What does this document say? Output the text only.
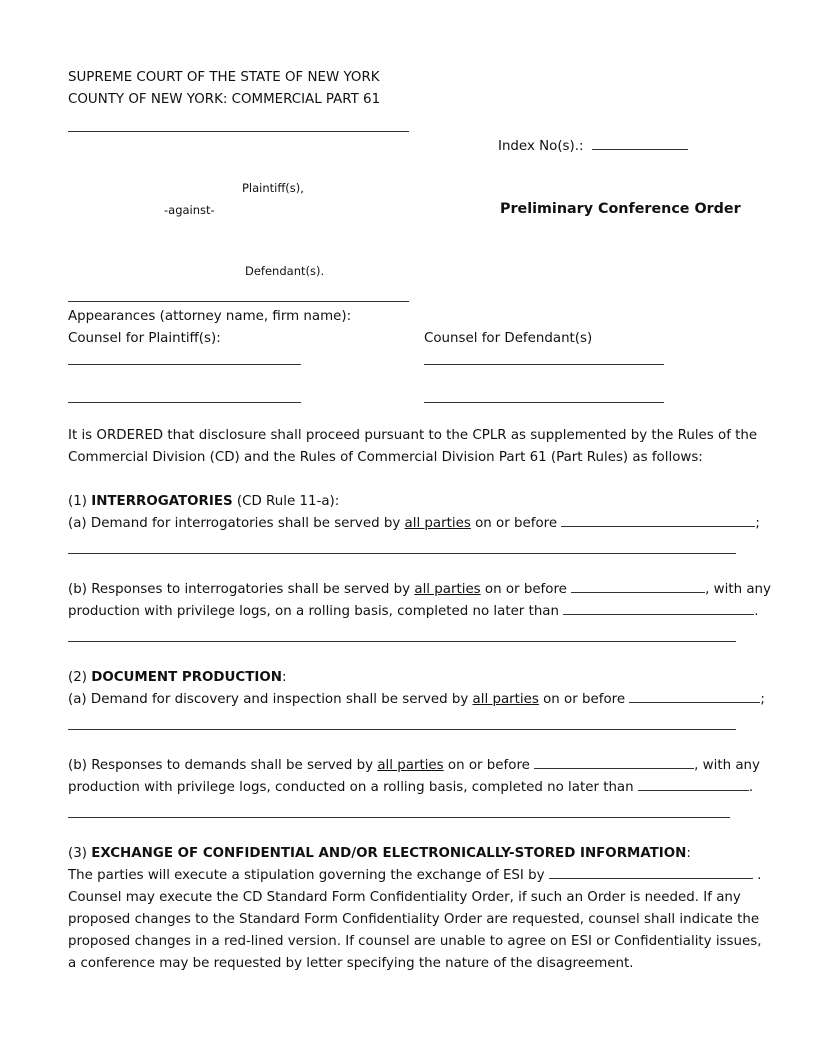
SUPREME COURT OF THE STATE OF NEW YORK
COUNTY OF NEW YORK: COMMERCIAL PART 61
Index No(s).:
Plaintiff(s),
-against-	Preliminary Conference Order
Defendant(s).
Appearances (attorney name, firm name):
Counsel for Plaintiff(s):	Counsel for Defendant(s)
It is ORDERED that disclosure shall proceed pursuant to the CPLR as supplemented by the Rules of the
Commercial Division (CD) and the Rules of Commercial Division Part 61 (Part Rules) as follows:
(1) INTERROGATORIES (CD Rule 11-a):
(a) Demand for interrogatories shall be served by all parties on or before	;
(b) Responses to interrogatories shall be served by all parties on or before	, with any
production with privilege logs, on a rolling basis, completed no later than	.
(2) DOCUMENT PRODUCTION:
(a) Demand for discovery and inspection shall be served by all parties on or before	;
(b) Responses to demands shall be served by all parties on or before	, with any
production with privilege logs, conducted on a rolling basis, completed no later than	.
(3) EXCHANGE OF CONFIDENTIAL AND/OR ELECTRONICALLY-STORED INFORMATION:
The parties will execute a stipulation governing the exchange of ESI by	.
Counsel may execute the CD Standard Form Confidentiality Order, if such an Order is needed. If any
proposed changes to the Standard Form Confidentiality Order are requested, counsel shall indicate the
proposed changes in a red-lined version. If counsel are unable to agree on ESI or Confidentiality issues,
a conference may be requested by letter specifying the nature of the disagreement.
